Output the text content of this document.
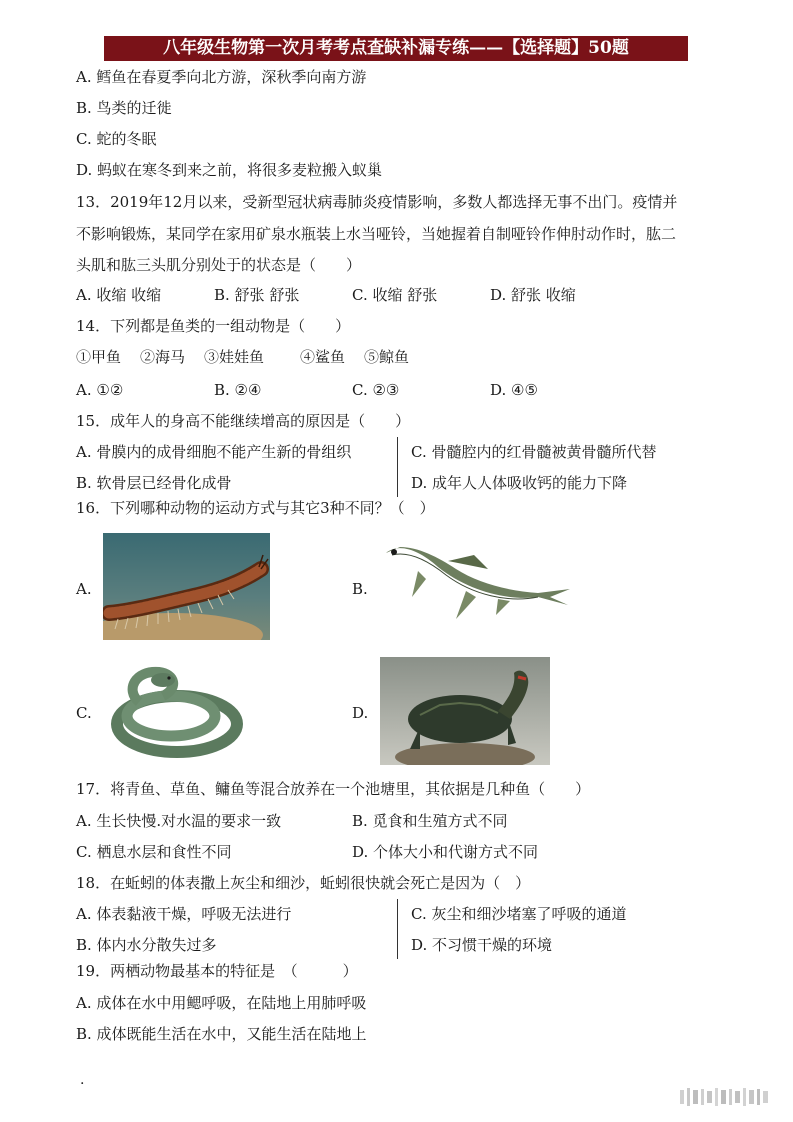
八年级生物第一次月考考点查缺补漏专练——【选择题】50题
A. 鳕鱼在春夏季向北方游，深秋季向南方游
B. 鸟类的迁徙
C. 蛇的冬眠
D. 蚂蚁在寒冬到来之前，将很多麦粒搬入蚁巢
13．2019年12月以来，受新型冠状病毒肺炎疫情影响，多数人都选择无事不出门。疫情并
不影响锻炼，某同学在家用矿泉水瓶装上水当哑铃，当她握着自制哑铃作伸肘动作时，肱二
头肌和肱三头肌分别处于的状态是（　　）
A. 收缩 收缩	B. 舒张 舒张	C. 收缩 舒张	D. 舒张 收缩
14．下列都是鱼类的一组动物是（　　）
①甲鱼 ②海马 ③娃娃鱼 ④鲨鱼 ⑤鲸鱼
A. ①②	B. ②④	C. ②③	D. ④⑤
15．成年人的身高不能继续增高的原因是（　　）
A. 骨膜内的成骨细胞不能产生新的骨组织	C. 骨髓腔内的红骨髓被黄骨髓所代替
B. 软骨层已经骨化成骨	D. 成年人人体吸收钙的能力下降
16．下列哪种动物的运动方式与其它3种不同？（　）
A.	B.
C.	D.
17．将青鱼、草鱼、鳙鱼等混合放养在一个池塘里，其依据是几种鱼（　　）
A. 生长快慢.对水温的要求一致	B. 觅食和生殖方式不同
C. 栖息水层和食性不同	D. 个体大小和代谢方式不同
18．在蚯蚓的体表撒上灰尘和细沙，蚯蚓很快就会死亡是因为（　）
A. 体表黏液干燥，呼吸无法进行	C. 灰尘和细沙堵塞了呼吸的通道
B. 体内水分散失过多	D. 不习惯干燥的环境
19．两栖动物最基本的特征是　（　　　）
A. 成体在水中用鳃呼吸，在陆地上用肺呼吸
B. 成体既能生活在水中，又能生活在陆地上
.
